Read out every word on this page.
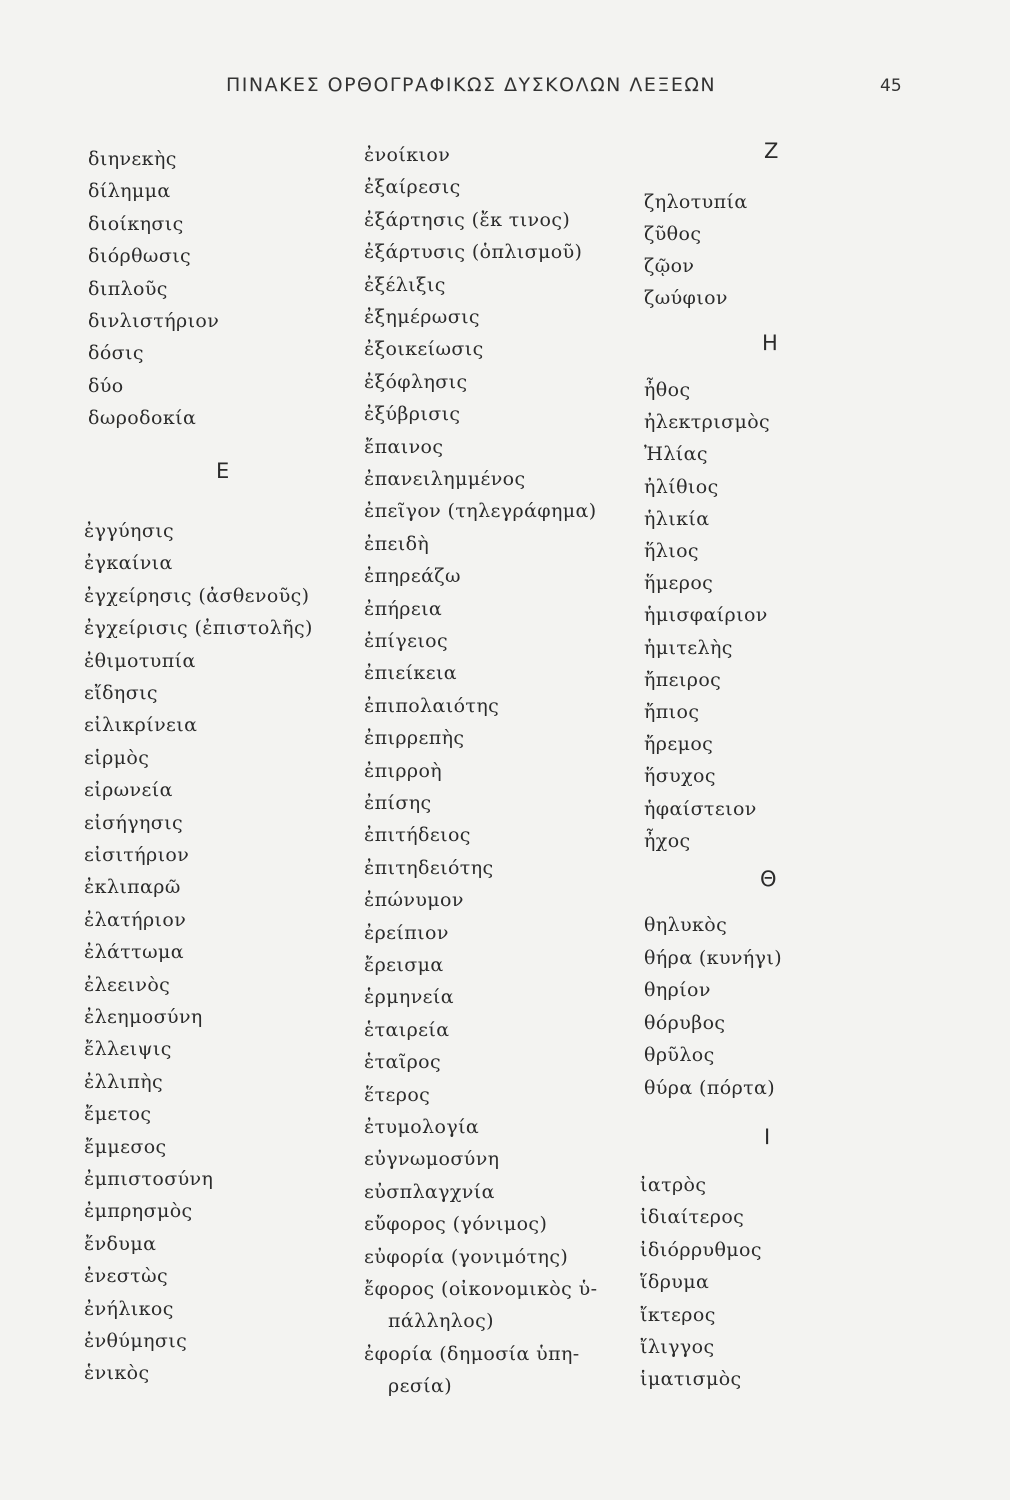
ΠΙΝΑΚΕΣ ΟΡΘΟΓΡΑΦΙΚΩΣ ΔΥΣΚΟΛΩΝ ΛΕΞΕΩΝ	45
διηνεκὴς
δίλημμα
διοίκησις
διόρθωσις
διπλοῦς
δινλιστήριον
δόσις
δύο
δωροδοκία
Ε
ἐγγύησις
ἐγκαίνια
ἐγχείρησις (ἀσθενοῦς)
ἐγχείρισις (ἐπιστολῆς)
ἐθιμοτυπία
εἴδησις
εἰλικρίνεια
εἱρμὸς
εἰρωνεία
εἰσήγησις
εἰσιτήριον
ἐκλιπαρῶ
ἐλατήριον
ἐλάττωμα
ἐλεεινὸς
ἐλεημοσύνη
ἔλλειψις
ἐλλιπὴς
ἔμετος
ἔμμεσος
ἐμπιστοσύνη
ἐμπρησμὸς
ἔνδυμα
ἐνεστὼς
ἐνήλικος
ἐνθύμησις
ἑνικὸς
ἐνοίκιον
ἐξαίρεσις
ἐξάρτησις (ἔκ τινος)
ἐξάρτυσις (ὁπλισμοῦ)
ἐξέλιξις
ἐξημέρωσις
ἐξοικείωσις
ἐξόφλησις
ἐξύβρισις
ἔπαινος
ἐπανειλημμένος
ἐπεῖγον (τηλεγράφημα)
ἐπειδὴ
ἐπηρεάζω
ἐπήρεια
ἐπίγειος
ἐπιείκεια
ἐπιπολαιότης
ἐπιρρεπὴς
ἐπιρροὴ
ἐπίσης
ἐπιτήδειος
ἐπιτηδειότης
ἐπώνυμον
ἐρείπιον
ἔρεισμα
ἑρμηνεία
ἑταιρεία
ἑταῖρος
ἕτερος
ἐτυμολογία
εὐγνωμοσύνη
εὐσπλαγχνία
εὔφορος (γόνιμος)
εὐφορία (γονιμότης)
ἔφορος (οἰκονομικὸς ὑ-
πάλληλος)
ἐφορία (δημοσία ὑπη-
ρεσία)
Ζ
ζηλοτυπία
ζῦθος
ζῷον
ζωύφιον
Η
ἦθος
ἠλεκτρισμὸς
Ἠλίας
ἠλίθιος
ἡλικία
ἥλιος
ἥμερος
ἡμισφαίριον
ἡμιτελὴς
ἤπειρος
ἤπιος
ἤρεμος
ἥσυχος
ἡφαίστειον
ἦχος
Θ
θηλυκὸς
θήρα (κυνήγι)
θηρίον
θόρυβος
θρῦλος
θύρα (πόρτα)
Ι
ἰατρὸς
ἰδιαίτερος
ἰδιόρρυθμος
ἵδρυμα
ἴκτερος
ἴλιγγος
ἱματισμὸς
